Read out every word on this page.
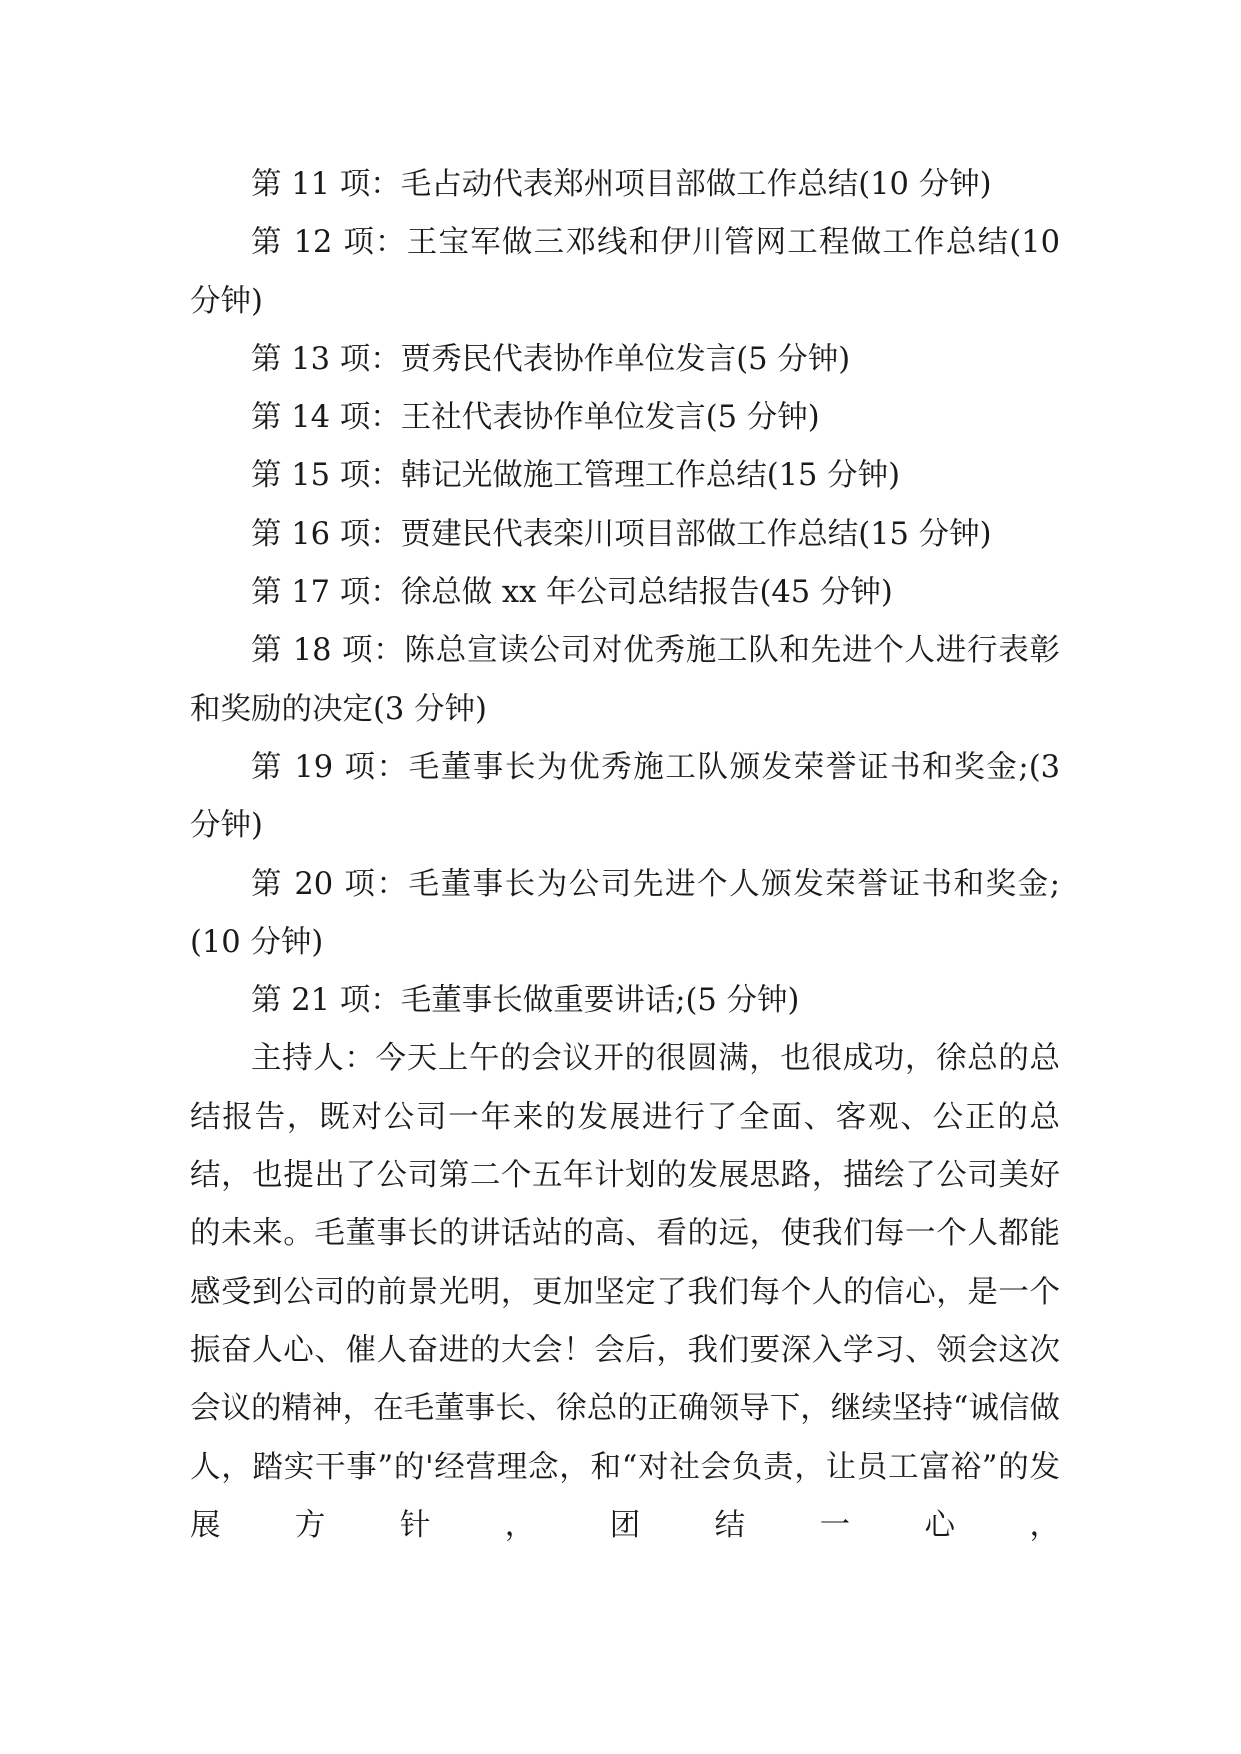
第 11 项：毛占动代表郑州项目部做工作总结(10 分钟)

第 12 项：王宝军做三邓线和伊川管网工程做工作总结(10 分钟)

第 13 项：贾秀民代表协作单位发言(5 分钟)

第 14 项：王社代表协作单位发言(5 分钟)

第 15 项：韩记光做施工管理工作总结(15 分钟)

第 16 项：贾建民代表栾川项目部做工作总结(15 分钟)

第 17 项：徐总做 xx 年公司总结报告(45 分钟)

第 18 项：陈总宣读公司对优秀施工队和先进个人进行表彰和奖励的决定(3 分钟)

第 19 项：毛董事长为优秀施工队颁发荣誉证书和奖金;(3 分钟)

第 20 项：毛董事长为公司先进个人颁发荣誉证书和奖金;(10 分钟)

第 21 项：毛董事长做重要讲话;(5 分钟)

主持人：今天上午的会议开的很圆满，也很成功，徐总的总结报告，既对公司一年来的发展进行了全面、客观、公正的总结，也提出了公司第二个五年计划的发展思路，描绘了公司美好的未来。毛董事长的讲话站的高、看的远，使我们每一个人都能感受到公司的前景光明，更加坚定了我们每个人的信心，是一个振奋人心、催人奋进的大会！会后，我们要深入学习、领会这次会议的精神，在毛董事长、徐总的正确领导下，继续坚持“诚信做人，踏实干事”的'经营理念，和“对社会负责，让员工富裕”的发展方针，团结一心，
